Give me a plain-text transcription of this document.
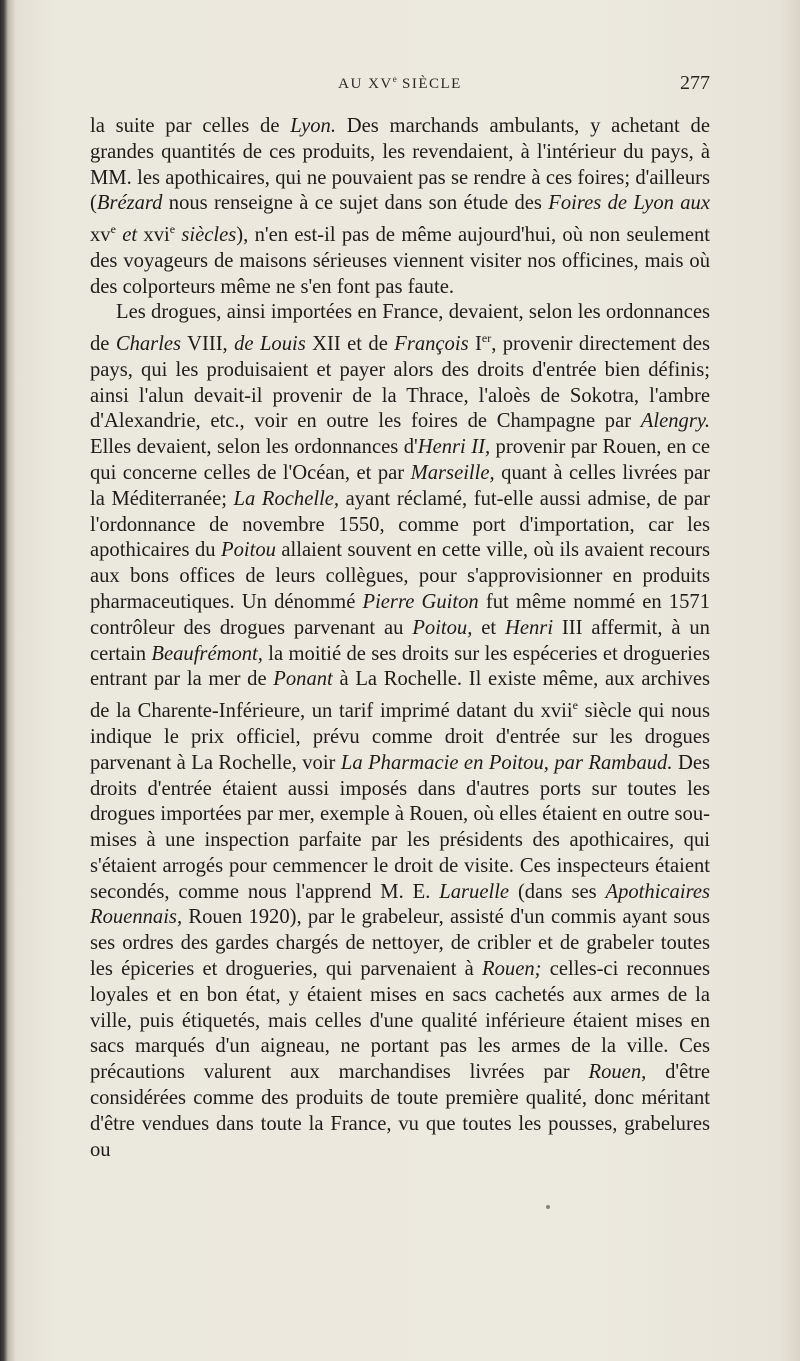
AU XVe SIÈCLE	277

la suite par celles de Lyon. Des marchands ambulants, y achetant de grandes quantités de ces produits, les revendaient, à l'intérieur du pays, à MM. les apothicaires, qui ne pouvaient pas se rendre à ces foires; d'ailleurs (Brézard nous renseigne à ce sujet dans son étude des Foires de Lyon aux $xv^e$ et xvi$^e$ siècles), n'en est-il pas de même aujourd'hui, où non seulement des voyageurs de maisons sérieuses viennent visiter nos officines, mais où des colporteurs même ne s'en font pas faute.

Les drogues, ainsi importées en France, devaient, selon les ordonnances de Charles VIII, de Louis XII et de François Ier, provenir directement des pays, qui les produisaient et payer alors des droits d'entrée bien définis; ainsi l'alun devait-il provenir de la Thrace, l'aloès de Sokotra, l'ambre d'Alexandrie, etc., voir en outre les foires de Champagne par Alengry. Elles devaient, selon les ordonnances d'Henri II, provenir par Rouen, en ce qui concerne celles de l'Océan, et par Marseille, quant à celles livrées par la Méditerranée; La Rochelle, ayant réclamé, fut-elle aussi admise, de par l'ordonnance de novembre 1550, comme port d'importation, car les apothicaires du Poitou allaient souvent en cette ville, où ils avaient recours aux bons offices de leurs collègues, pour s'approvisionner en produits pharmaceutiques. Un dénommé Pierre Guiton fut même nommé en 1571 contrôleur des drogues parvenant au Poitou, et Henri III affermit, à un certain Beaufrémont, la moitié de ses droits sur les espéceries et drogueries entrant par la mer de Ponant à La Rochelle. Il existe même, aux archives de la Charente-Inférieure, un tarif imprimé datant du xvii$^e$ siècle qui nous indique le prix officiel, prévu comme droit d'entrée sur les drogues parvenant à La Rochelle, voir La Pharmacie en Poitou, par Rambaud. Des droits d'entrée étaient aussi imposés dans d'autres ports sur toutes les drogues importées par mer, exemple à Rouen, où elles étaient en outre soumises à une inspection parfaite par les présidents des apothicaires, qui s'étaient arrogés pour cemmencer le droit de visite. Ces inspecteurs étaient secondés, comme nous l'apprend M. E. Laruelle (dans ses Apothicaires Rouennais, Rouen 1920), par le grabeleur, assisté d'un commis ayant sous ses ordres des gardes chargés de nettoyer, de cribler et de grabeler toutes les épiceries et drogueries, qui parvenaient à Rouen; celles-ci reconnues loyales et en bon état, y étaient mises en sacs cachetés aux armes de la ville, puis étiquetés, mais celles d'une qualité inférieure étaient mises en sacs marqués d'un aigneau, ne portant pas les armes de la ville. Ces précautions valurent aux marchandises livrées par Rouen, d'être considérées comme des produits de toute première qualité, donc méritant d'être vendues dans toute la France, vu que toutes les pousses, grabelures ou
